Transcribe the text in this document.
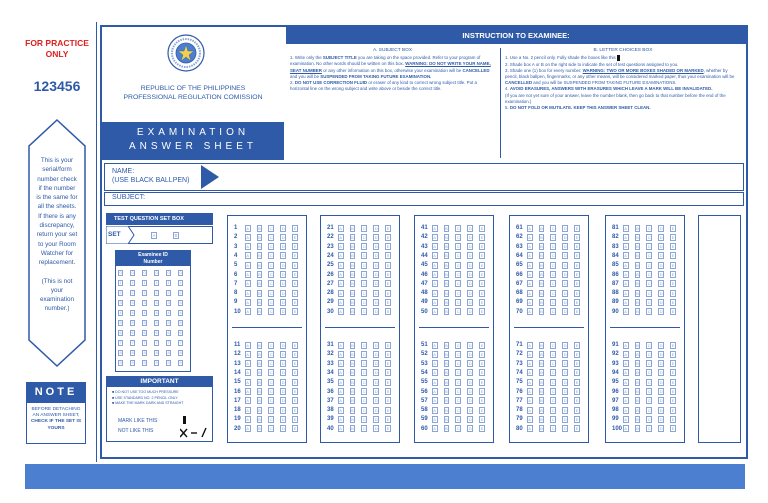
FOR PRACTICE
ONLY
123456
This is your
serial/form
number check
if the number
is the same for
all the sheets.
If there is any
discrepancy,
return your set
to your Room
Watcher for
replacement.
(This is not
your
examination
number.)
NOTE
BEFORE DETACHING
AN ANSWER SHEET,
CHECK IF THE SET IS
YOURS
REPUBLIC OF THE PHILIPPINES
PROFESSIONAL REGULATION COMISSION
EXAMINATION
ANSWER SHEET
INSTRUCTION TO EXAMINEE:
A. SUBJECT BOX
1. Write only the SUBJECT TITLE you are taking on the space provided. Refer to your program of examination. No other words should be written on this box. WARNING: DO NOT WRITE YOUR NAME, SEAT NUMBER or any other information on this box, otherwise your examination will be CANCELLED and you will be SUSPENDED FROM TAKING FUTURE EXAMINATION.
2. DO NOT USE CORRECTION FLUID or eraser of any kind to correct wrong subject title. Put a horizontal line on the wrong subject and write above or beside the correct title.
B. LETTER CHOICES BOX
1. Use a No. 2 pencil only. Fully shade the boxes like this
2. Shade box A or B on the right side to indicate the set of test questions assigned to you.
3. Shade one (1) box for every number. WARNING: TWO OR MORE BOXES SHADED OR MARKED, whether by pencil, black ballpen, fingermarks, or any other means, will be considered marked paper, thus your examination will be CANCELLED and you will be SUSPENDED FROM TAKING FUTURE EXAMINATIONS.
4. AVOID ERASURES, ANSWERS WITH ERASURES WHICH LEAVE A MARK WILL BE INVALIDATED.
(If you are not yet sure of your answer, leave the number blank, then go back to that number before the end of the examination.)
5. DO NOT FOLD OR MUTILATE. KEEP THIS ANSWER SHEET CLEAN.
NAME:
(USE BLACK BALLPEN)
SUBJECT:
TEST QUESTION SET BOX
SET	A	B
Examinee ID
Number
0	0	0	0	0	0
1	1	1	1	1	1
2	2	2	2	2	2
3	3	3	3	3	3
4	4	4	4	4	4
5	5	5	5	5	5
6	6	6	6	6	6
7	7	7	7	7	7
8	8	8	8	8	8
9	9	9	9	9	9
IMPORTANT
■ DO NOT USE TOO MUCH PRESSURE
■ USE STANDARD NO. 2 PENCIL ONLY
■ MAKE THE MARK DARK AND STRAIGHT
MARK LIKE THIS
NOT LIKE THIS
1	A	B	C	D	E
2	A	B	C	D	E
3	A	B	C	D	E
4	A	B	C	D	E
5	A	B	C	D	E
6	A	B	C	D	E
7	A	B	C	D	E
8	A	B	C	D	E
9	A	B	C	D	E
10	A	B	C	D	E
11	A	B	C	D	E
12	A	B	C	D	E
13	A	B	C	D	E
14	A	B	C	D	E
15	A	B	C	D	E
16	A	B	C	D	E
17	A	B	C	D	E
18	A	B	C	D	E
19	A	B	C	D	E
20	A	B	C	D	E
21	A	B	C	D	E
22	A	B	C	D	E
23	A	B	C	D	E
24	A	B	C	D	E
25	A	B	C	D	E
26	A	B	C	D	E
27	A	B	C	D	E
28	A	B	C	D	E
29	A	B	C	D	E
30	A	B	C	D	E
31	A	B	C	D	E
32	A	B	C	D	E
33	A	B	C	D	E
34	A	B	C	D	E
35	A	B	C	D	E
36	A	B	C	D	E
37	A	B	C	D	E
38	A	B	C	D	E
39	A	B	C	D	E
40	A	B	C	D	E
41	A	B	C	D	E
42	A	B	C	D	E
43	A	B	C	D	E
44	A	B	C	D	E
45	A	B	C	D	E
46	A	B	C	D	E
47	A	B	C	D	E
48	A	B	C	D	E
49	A	B	C	D	E
50	A	B	C	D	E
51	A	B	C	D	E
52	A	B	C	D	E
53	A	B	C	D	E
54	A	B	C	D	E
55	A	B	C	D	E
56	A	B	C	D	E
57	A	B	C	D	E
58	A	B	C	D	E
59	A	B	C	D	E
60	A	B	C	D	E
61	A	B	C	D	E
62	A	B	C	D	E
63	A	B	C	D	E
64	A	B	C	D	E
65	A	B	C	D	E
66	A	B	C	D	E
67	A	B	C	D	E
68	A	B	C	D	E
69	A	B	C	D	E
70	A	B	C	D	E
71	A	B	C	D	E
72	A	B	C	D	E
73	A	B	C	D	E
74	A	B	C	D	E
75	A	B	C	D	E
76	A	B	C	D	E
77	A	B	C	D	E
78	A	B	C	D	E
79	A	B	C	D	E
80	A	B	C	D	E
81	A	B	C	D	E
82	A	B	C	D	E
83	A	B	C	D	E
84	A	B	C	D	E
85	A	B	C	D	E
86	A	B	C	D	E
87	A	B	C	D	E
88	A	B	C	D	E
89	A	B	C	D	E
90	A	B	C	D	E
91	A	B	C	D	E
92	A	B	C	D	E
93	A	B	C	D	E
94	A	B	C	D	E
95	A	B	C	D	E
96	A	B	C	D	E
97	A	B	C	D	E
98	A	B	C	D	E
99	A	B	C	D	E
100 A	B	C	D	E
